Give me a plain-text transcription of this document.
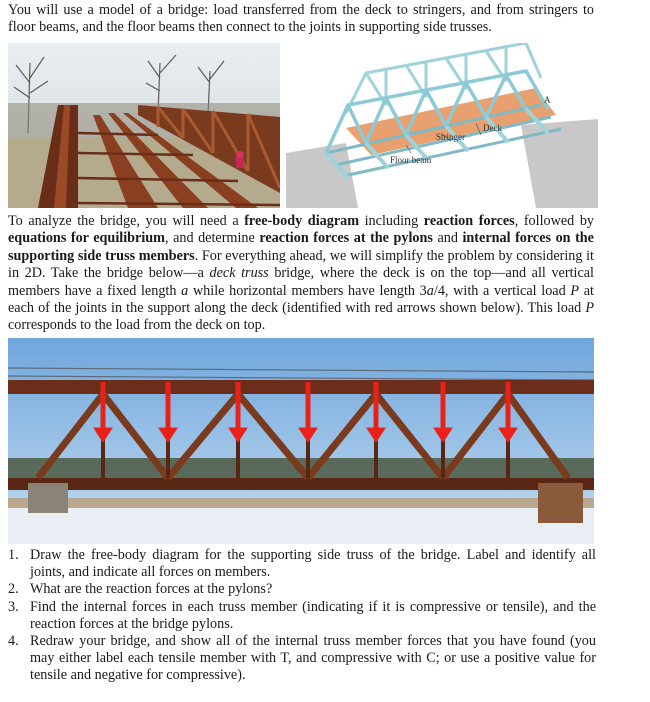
You will use a model of a bridge: load transferred from the deck to stringers, and from stringers to floor beams, and the floor beams then connect to the joints in supporting side trusses.
Deck
Stringer
Floor beam
A
To analyze the bridge, you will need a free-body diagram including reaction forces, followed by equations for equilibrium, and determine reaction forces at the pylons and internal forces on the supporting side truss members. For everything ahead, we will simplify the problem by considering it in 2D. Take the bridge below—a deck truss bridge, where the deck is on the top—and all vertical members have a fixed length a while horizontal members have length 3a/4, with a vertical load P at each of the joints in the support along the deck (identified with red arrows shown below). This load P corresponds to the load from the deck on top.
1. Draw the free-body diagram for the supporting side truss of the bridge. Label and identify all joints, and indicate all forces on members.
2. What are the reaction forces at the pylons?
3. Find the internal forces in each truss member (indicating if it is compressive or tensile), and the reaction forces at the bridge pylons.
4. Redraw your bridge, and show all of the internal truss member forces that you have found (you may either label each tensile member with T, and compressive with C; or use a positive value for tensile and negative for compressive).
